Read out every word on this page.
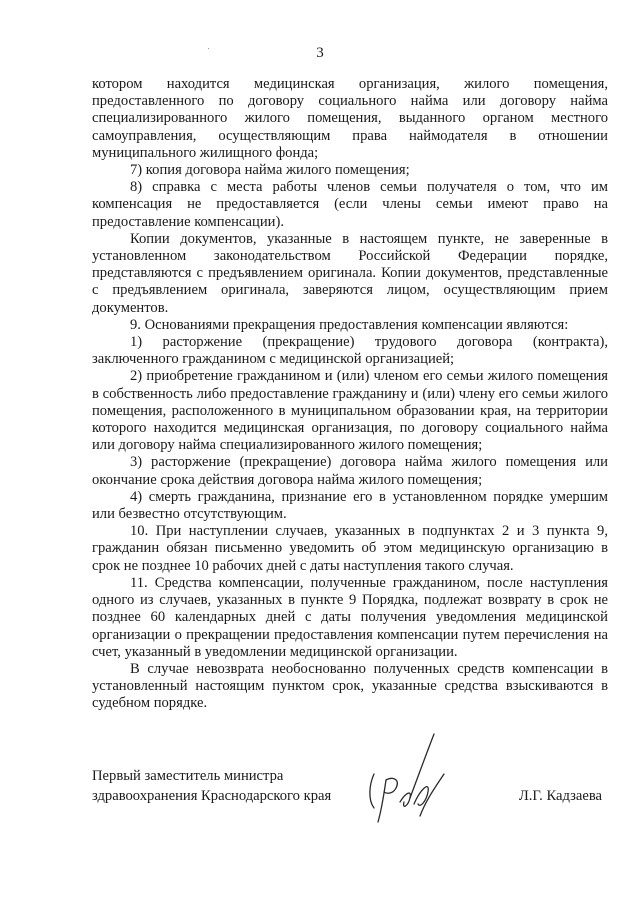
3

котором находится медицинская организация, жилого помещения, предоставленного по договору социального найма или договору найма специализированного жилого помещения, выданного органом местного самоуправления, осуществляющим права наймодателя в отношении муниципального жилищного фонда;

7) копия договора найма жилого помещения;

8) справка с места работы членов семьи получателя о том, что им компенсация не предоставляется (если члены семьи имеют право на предоставление компенсации).

Копии документов, указанные в настоящем пункте, не заверенные в установленном законодательством Российской Федерации порядке, представляются с предъявлением оригинала. Копии документов, представленные с предъявлением оригинала, заверяются лицом, осуществляющим прием документов.

9. Основаниями прекращения предоставления компенсации являются:

1) расторжение (прекращение) трудового договора (контракта), заключенного гражданином с медицинской организацией;

2) приобретение гражданином и (или) членом его семьи жилого помещения в собственность либо предоставление гражданину и (или) члену его семьи жилого помещения, расположенного в муниципальном образовании края, на территории которого находится медицинская организация, по договору социального найма или договору найма специализированного жилого помещения;

3) расторжение (прекращение) договора найма жилого помещения или окончание срока действия договора найма жилого помещения;

4) смерть гражданина, признание его в установленном порядке умершим или безвестно отсутствующим.

10. При наступлении случаев, указанных в подпунктах 2 и 3 пункта 9, гражданин обязан письменно уведомить об этом медицинскую организацию в срок не позднее 10 рабочих дней с даты наступления такого случая.

11. Средства компенсации, полученные гражданином, после наступления одного из случаев, указанных в пункте 9 Порядка, подлежат возврату в срок не позднее 60 календарных дней с даты получения уведомления медицинской организации о прекращении предоставления компенсации путем перечисления на счет, указанный в уведомлении медицинской организации.

В случае невозврата необоснованно полученных средств компенсации в установленный настоящим пунктом срок, указанные средства взыскиваются в судебном порядке.

Первый заместитель министра
здравоохранения Краснодарского края	Л.Г. Кадзаева
